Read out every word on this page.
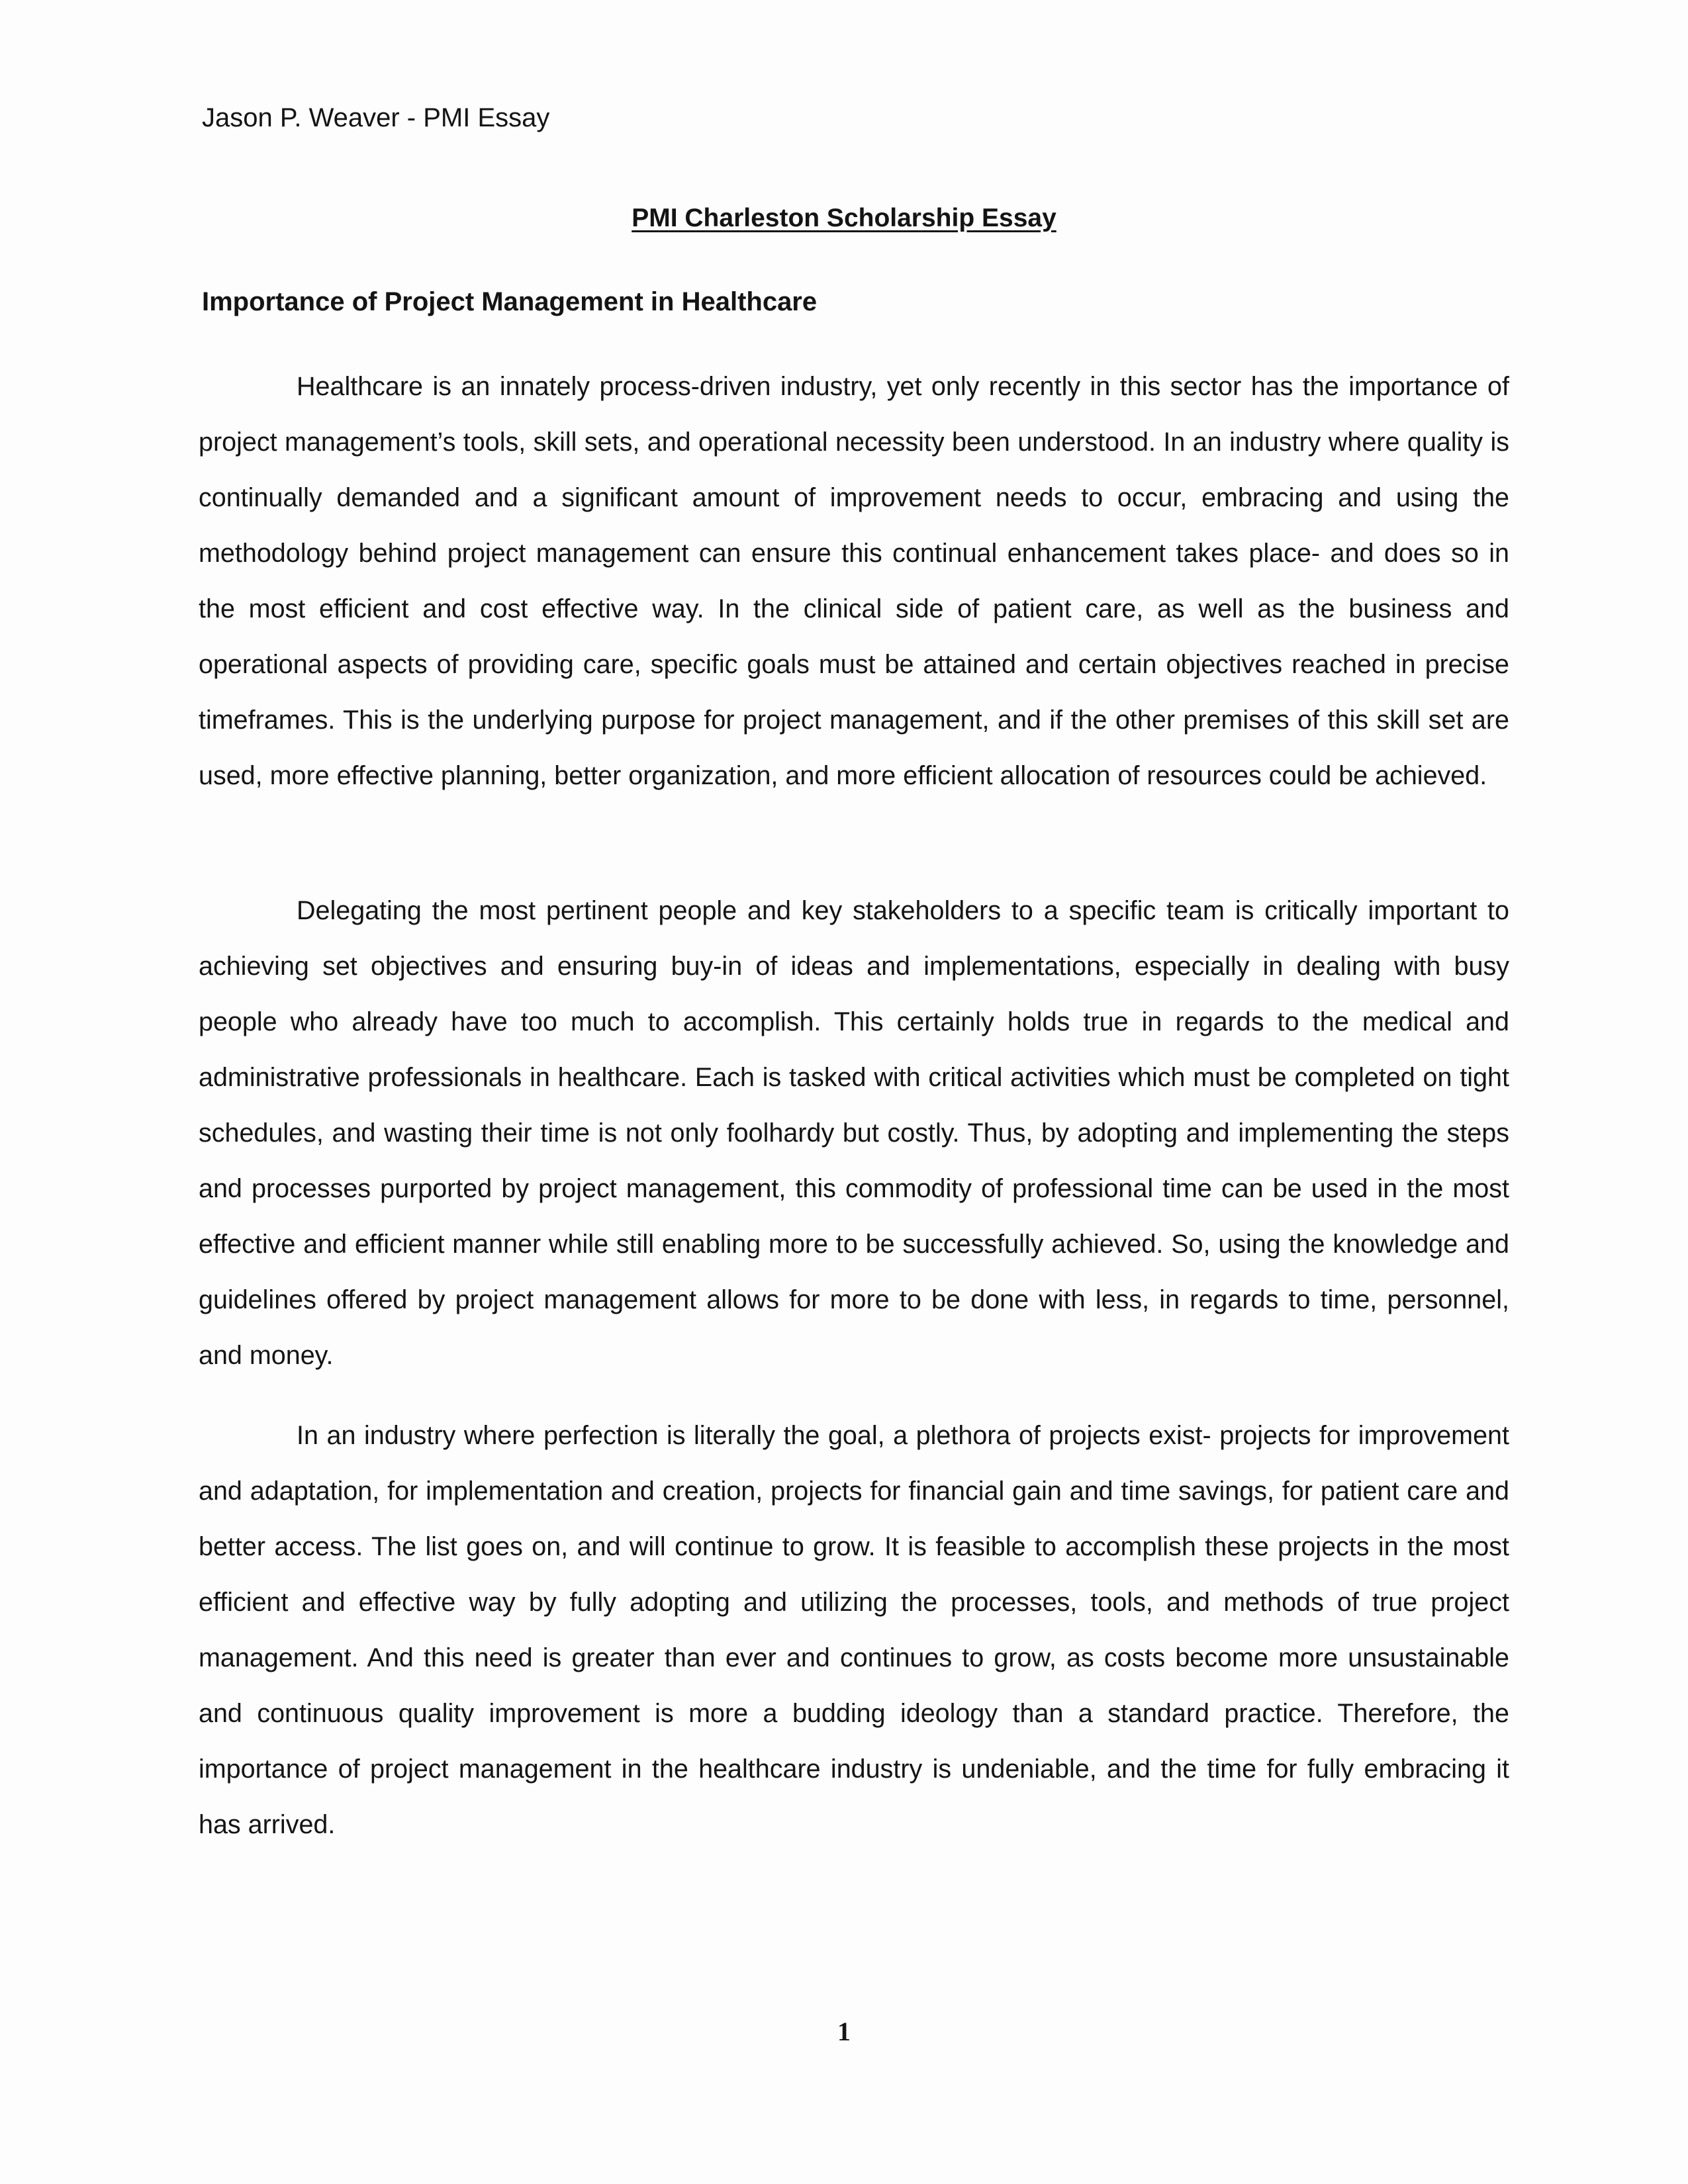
Jason P. Weaver - PMI Essay
PMI Charleston Scholarship Essay
Importance of Project Management in Healthcare

Healthcare is an innately process-driven industry, yet only recently in this sector has the importance of project management’s tools, skill sets, and operational necessity been understood. In an industry where quality is continually demanded and a significant amount of improvement needs to occur, embracing and using the methodology behind project management can ensure this continual enhancement takes place- and does so in the most efficient and cost effective way. In the clinical side of patient care, as well as the business and operational aspects of providing care, specific goals must be attained and certain objectives reached in precise timeframes. This is the underlying purpose for project management, and if the other premises of this skill set are used, more effective planning, better organization, and more efficient allocation of resources could be achieved.

Delegating the most pertinent people and key stakeholders to a specific team is critically important to achieving set objectives and ensuring buy-in of ideas and implementations, especially in dealing with busy people who already have too much to accomplish. This certainly holds true in regards to the medical and administrative professionals in healthcare. Each is tasked with critical activities which must be completed on tight schedules, and wasting their time is not only foolhardy but costly. Thus, by adopting and implementing the steps and processes purported by project management, this commodity of professional time can be used in the most effective and efficient manner while still enabling more to be successfully achieved. So, using the knowledge and guidelines offered by project management allows for more to be done with less, in regards to time, personnel, and money.

In an industry where perfection is literally the goal, a plethora of projects exist- projects for improvement and adaptation, for implementation and creation, projects for financial gain and time savings, for patient care and better access. The list goes on, and will continue to grow. It is feasible to accomplish these projects in the most efficient and effective way by fully adopting and utilizing the processes, tools, and methods of true project management. And this need is greater than ever and continues to grow, as costs become more unsustainable and continuous quality improvement is more a budding ideology than a standard practice. Therefore, the importance of project management in the healthcare industry is undeniable, and the time for fully embracing it has arrived.

1
